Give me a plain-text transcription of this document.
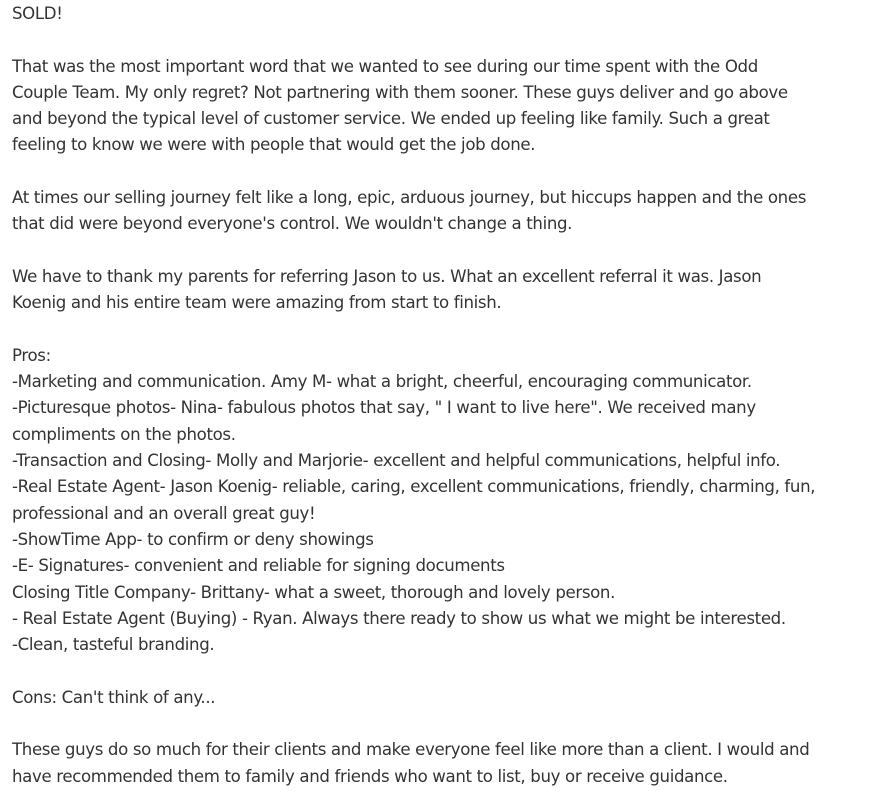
SOLD!
That was the most important word that we wanted to see during our time spent with the Odd
Couple Team. My only regret? Not partnering with them sooner. These guys deliver and go above
and beyond the typical level of customer service. We ended up feeling like family. Such a great
feeling to know we were with people that would get the job done.
At times our selling journey felt like a long, epic, arduous journey, but hiccups happen and the ones
that did were beyond everyone's control. We wouldn't change a thing.
We have to thank my parents for referring Jason to us. What an excellent referral it was. Jason
Koenig and his entire team were amazing from start to finish.
Pros:
-Marketing and communication. Amy M- what a bright, cheerful, encouraging communicator.
-Picturesque photos- Nina- fabulous photos that say, " I want to live here". We received many
compliments on the photos.
-Transaction and Closing- Molly and Marjorie- excellent and helpful communications, helpful info.
-Real Estate Agent- Jason Koenig- reliable, caring, excellent communications, friendly, charming, fun,
professional and an overall great guy!
-ShowTime App- to confirm or deny showings
-E- Signatures- convenient and reliable for signing documents
Closing Title Company- Brittany- what a sweet, thorough and lovely person.
- Real Estate Agent (Buying) - Ryan. Always there ready to show us what we might be interested.
-Clean, tasteful branding.
Cons: Can't think of any...
These guys do so much for their clients and make everyone feel like more than a client. I would and
have recommended them to family and friends who want to list, buy or receive guidance.
